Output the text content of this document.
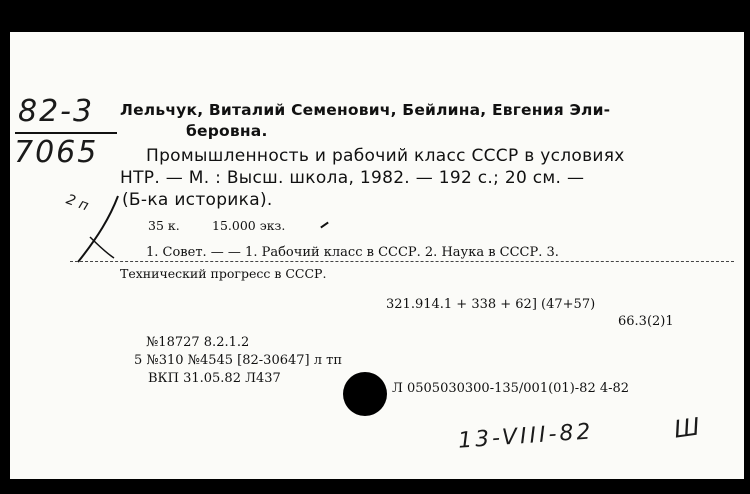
82-3
7065
Лельчук, Виталий Семенович, Бейлина, Евгения Эли-
беровна.
Промышленность и рабочий класс СССР в условиях
НТР. — М. : Высш. школа, 1982. — 192 с.; 20 см. —
(Б-ка историка).
2 п
35 к.	15.000 экз.
1. Совет. — — 1. Рабочий класс в СССР. 2. Наука в СССР. 3.
Технический прогресс в СССР.
321.914.1 + 338 + 62] (47+57)
66.3(2)1
№18727 8.2.1.2
5 №310 №4545 [82-30647] л тп
ВКП 31.05.82 Л437
Л 0505030300-135/001(01)-82 4-82
13-VIII-82	Ш
